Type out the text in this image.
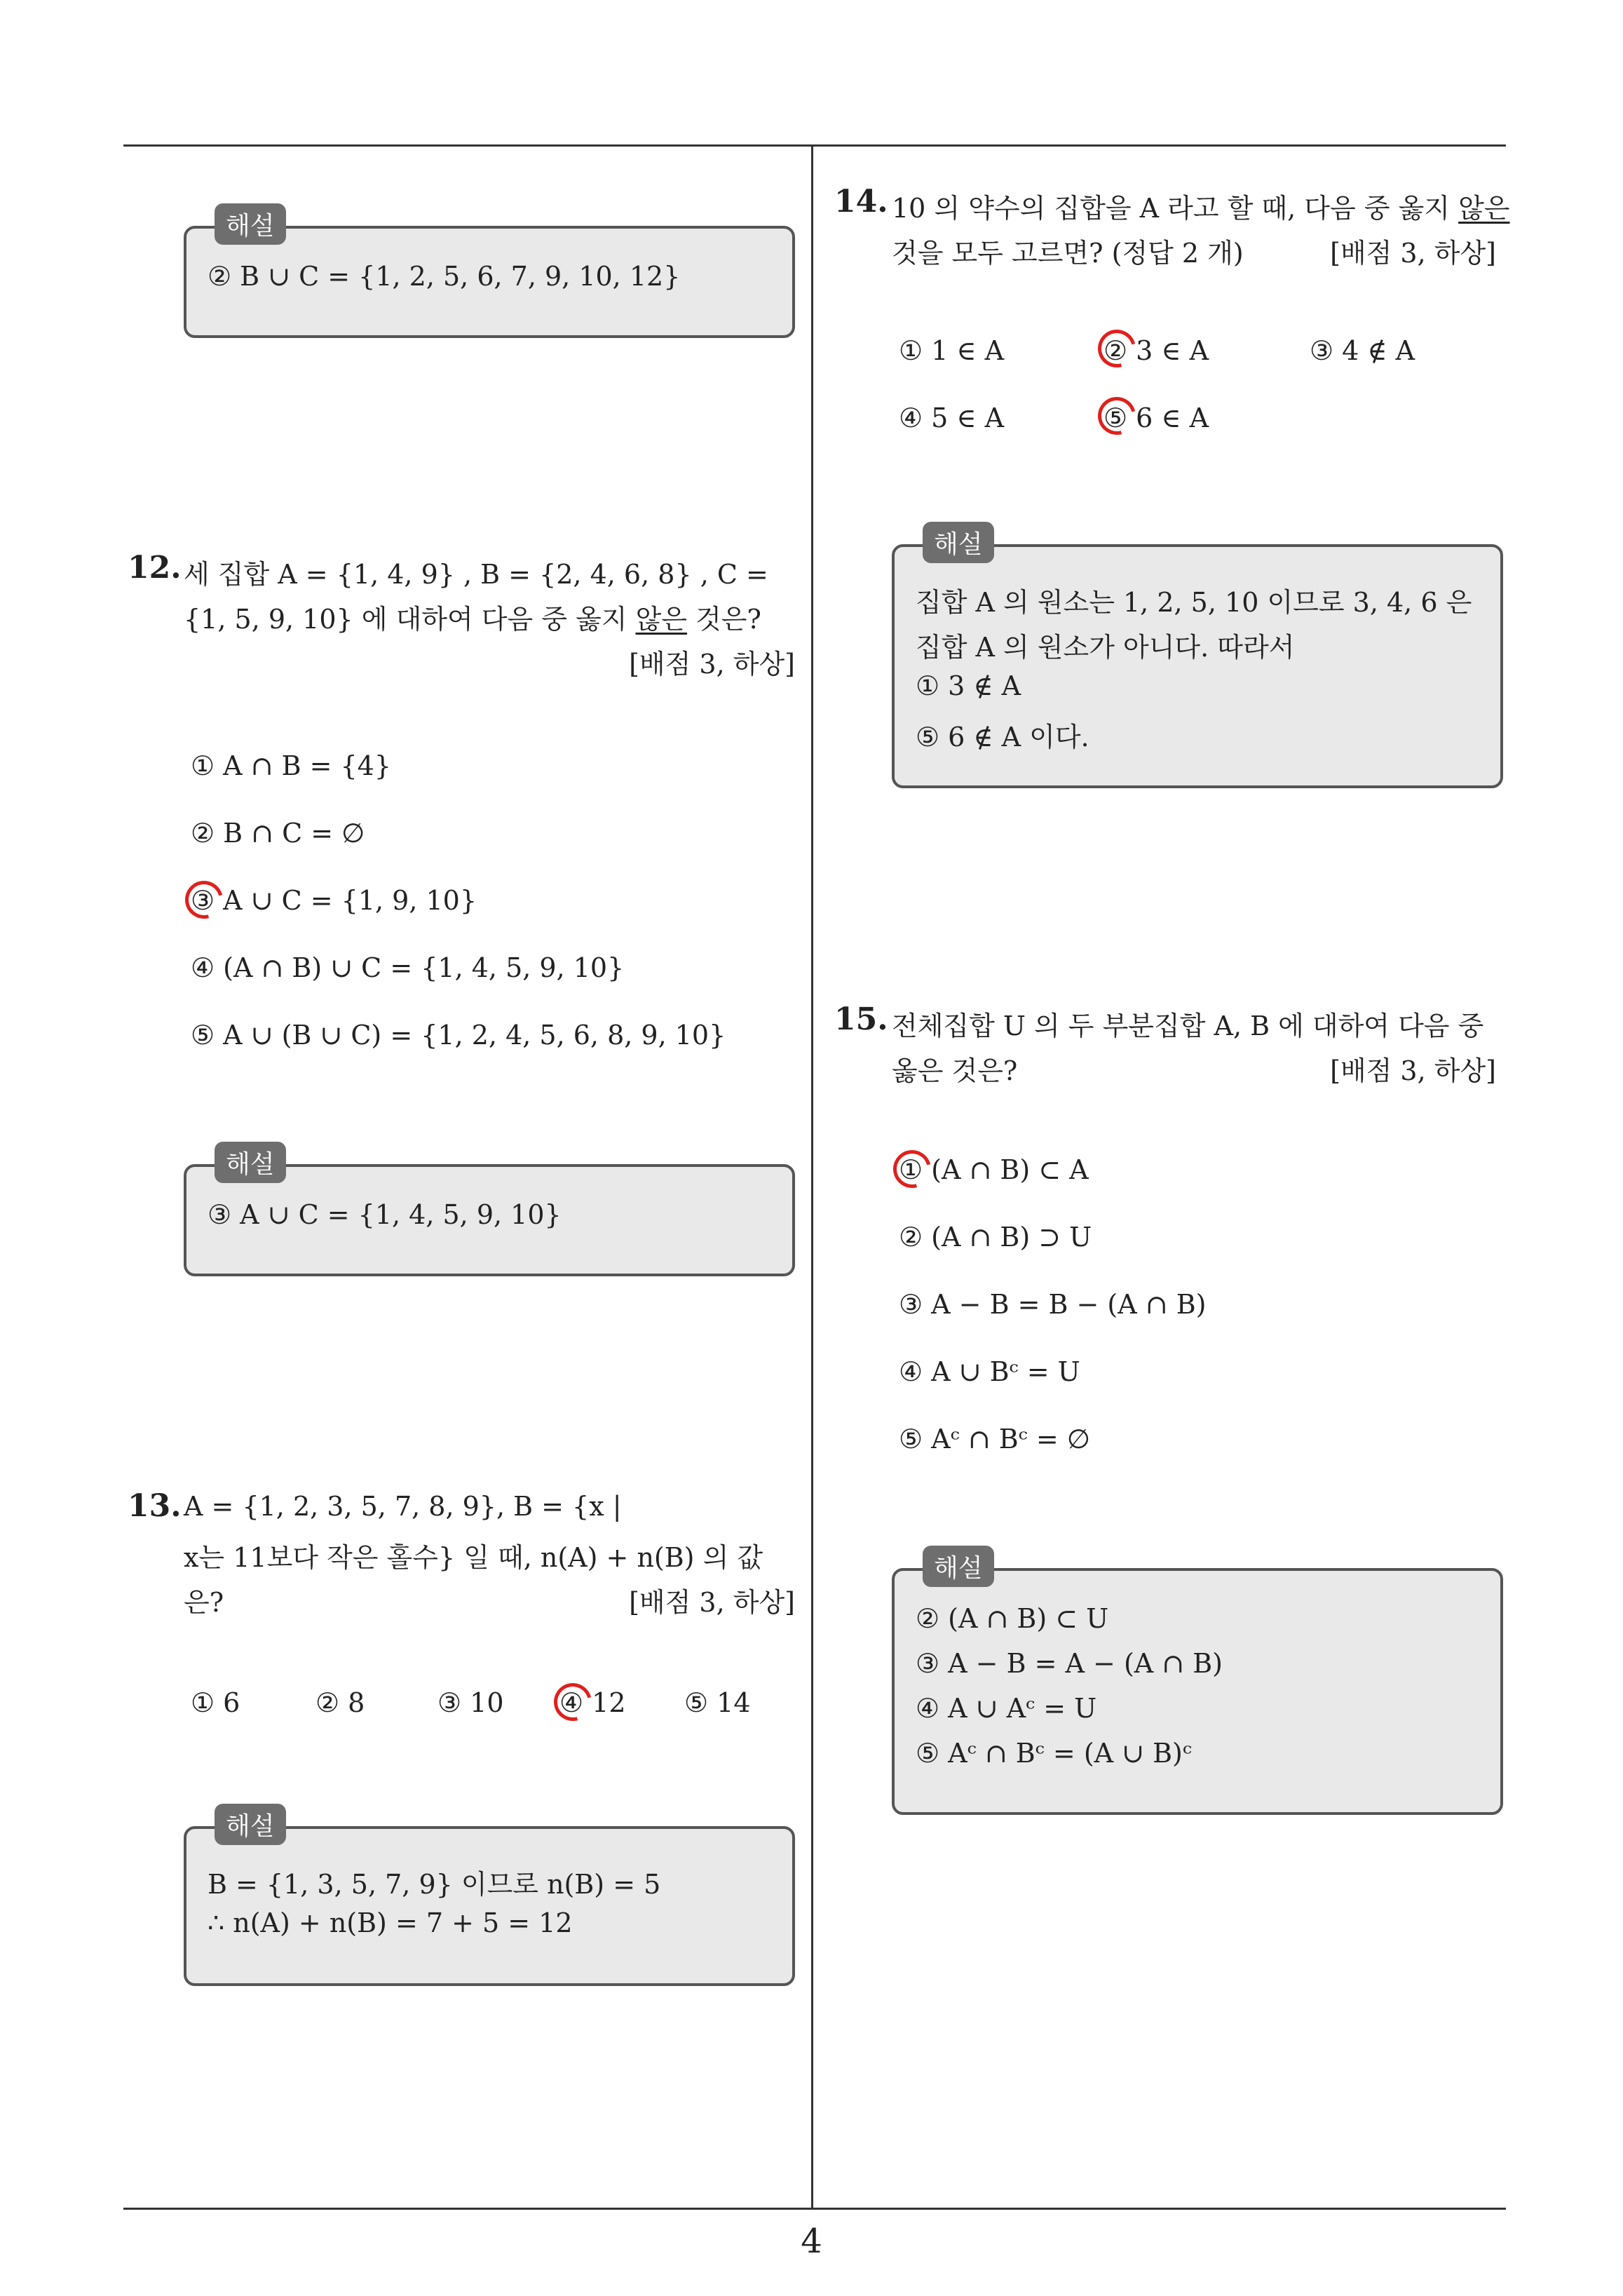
해설
② B ∪ C = {1, 2, 5, 6, 7, 9, 10, 12}
12. 세 집합 A = {1, 4, 9} , B = {2, 4, 6, 8} , C =
{1, 5, 9, 10} 에 대하여 다음 중 옳지 않은 것은?
[배점 3, 하상]
① A ∩ B = {4}
② B ∩ C = ∅
③ A ∪ C = {1, 9, 10}
④ (A ∩ B) ∪ C = {1, 4, 5, 9, 10}
⑤ A ∪ (B ∪ C) = {1, 2, 4, 5, 6, 8, 9, 10}
해설
③ A ∪ C = {1, 4, 5, 9, 10}
13. A = {1, 2, 3, 5, 7, 8, 9}, B = {x |
x는 11보다 작은 홀수} 일 때, n(A) + n(B) 의 값
은?	[배점 3, 하상]
① 6	② 8	③ 10 ④ 12 ⑤ 14
해설
B = {1, 3, 5, 7, 9} 이므로 n(B) = 5
∴ n(A) + n(B) = 7 + 5 = 12
14. 10 의 약수의 집합을 A 라고 할 때, 다음 중 옳지 않은
것을 모두 고르면? (정답 2 개)	[배점 3, 하상]
① 1 ∈ A	② 3 ∈ A	③ 4 ∉ A
④ 5 ∈ A	⑤ 6 ∈ A
해설
집합 A 의 원소는 1, 2, 5, 10 이므로 3, 4, 6 은
집합 A 의 원소가 아니다. 따라서
① 3 ∉ A
⑤ 6 ∉ A 이다.
15. 전체집합 U 의 두 부분집합 A, B 에 대하여 다음 중
옳은 것은?	[배점 3, 하상]
① (A ∩ B) ⊂ A
② (A ∩ B) ⊃ U
③ A − B = B − (A ∩ B)
④ A ∪ Bᶜ = U
⑤ Aᶜ ∩ Bᶜ = ∅
해설
② (A ∩ B) ⊂ U
③ A − B = A − (A ∩ B)
④ A ∪ Aᶜ = U
⑤ Aᶜ ∩ Bᶜ = (A ∪ B)ᶜ
4
